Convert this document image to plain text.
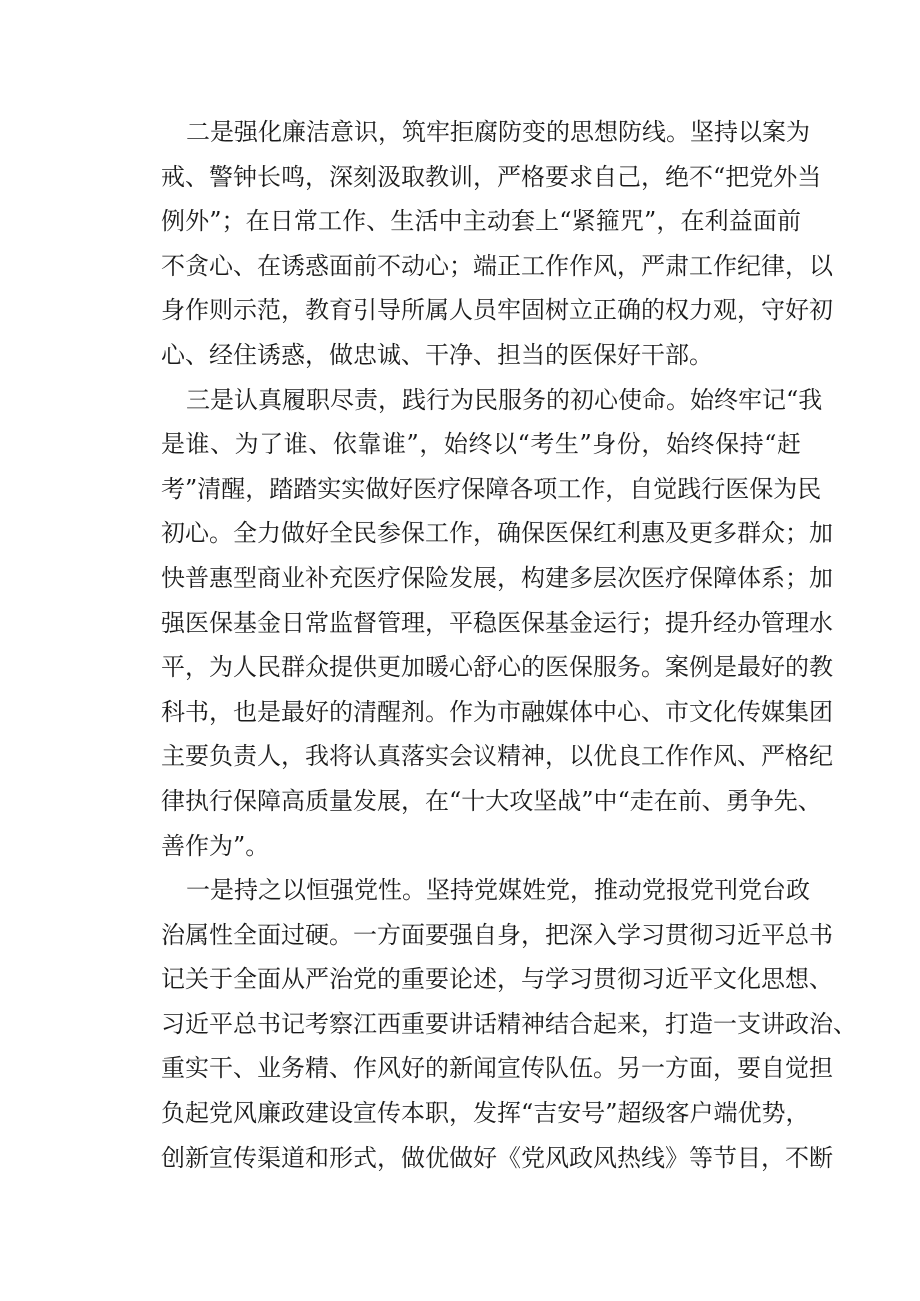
二是强化廉洁意识，筑牢拒腐防变的思想防线。坚持以案为
戒、警钟长鸣，深刻汲取教训，严格要求自己，绝不“把党外当
例外”；在日常工作、生活中主动套上“紧箍咒”，在利益面前
不贪心、在诱惑面前不动心；端正工作作风，严肃工作纪律，以
身作则示范，教育引导所属人员牢固树立正确的权力观，守好初
心、经住诱惑，做忠诚、干净、担当的医保好干部。
三是认真履职尽责，践行为民服务的初心使命。始终牢记“我
是谁、为了谁、依靠谁”，始终以“考生”身份，始终保持“赶
考”清醒，踏踏实实做好医疗保障各项工作，自觉践行医保为民
初心。全力做好全民参保工作，确保医保红利惠及更多群众；加
快普惠型商业补充医疗保险发展，构建多层次医疗保障体系；加
强医保基金日常监督管理，平稳医保基金运行；提升经办管理水
平，为人民群众提供更加暖心舒心的医保服务。案例是最好的教
科书，也是最好的清醒剂。作为市融媒体中心、市文化传媒集团
主要负责人，我将认真落实会议精神，以优良工作作风、严格纪
律执行保障高质量发展，在“十大攻坚战”中“走在前、勇争先、
善作为”。
一是持之以恒强党性。坚持党媒姓党，推动党报党刊党台政
治属性全面过硬。一方面要强自身，把深入学习贯彻习近平总书
记关于全面从严治党的重要论述，与学习贯彻习近平文化思想、
习近平总书记考察江西重要讲话精神结合起来，打造一支讲政治、
重实干、业务精、作风好的新闻宣传队伍。另一方面，要自觉担
负起党风廉政建设宣传本职，发挥“吉安号”超级客户端优势，
创新宣传渠道和形式，做优做好《党风政风热线》等节目，不断
